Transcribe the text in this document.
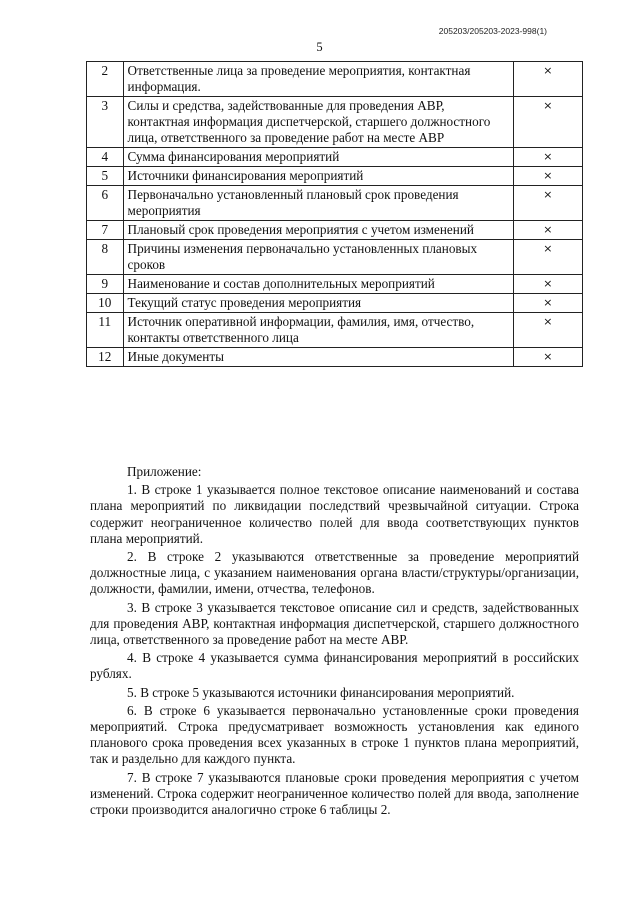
205203/205203-2023-998(1)
5
2	Ответственные лица за проведение мероприятия, контактная информация.	×
3	Силы и средства, задействованные для проведения АВР, контактная информация диспетчерской, старшего должностного лица, ответственного за проведение работ на месте АВР	×
4	Сумма финансирования мероприятий	×
5	Источники финансирования мероприятий	×
6	Первоначально установленный плановый срок проведения мероприятия	×
7	Плановый срок проведения мероприятия с учетом изменений	×
8	Причины изменения первоначально установленных плановых сроков	×
9	Наименование и состав дополнительных мероприятий	×
10	Текущий статус проведения мероприятия	×
11	Источник оперативной информации, фамилия, имя, отчество, контакты ответственного лица	×
12	Иные документы	×
Приложение:

1. В строке 1 указывается полное текстовое описание наименований и состава плана мероприятий по ликвидации последствий чрезвычайной ситуации. Строка содержит неограниченное количество полей для ввода соответствующих пунктов плана мероприятий.

2. В строке 2 указываются ответственные за проведение мероприятий должностные лица, с указанием наименования органа власти/структуры/организации, должности, фамилии, имени, отчества, телефонов.

3. В строке 3 указывается текстовое описание сил и средств, задействованных для проведения АВР, контактная информация диспетчерской, старшего должностного лица, ответственного за проведение работ на месте АВР.

4. В строке 4 указывается сумма финансирования мероприятий в российских рублях.

5. В строке 5 указываются источники финансирования мероприятий.

6. В строке 6 указывается первоначально установленные сроки проведения мероприятий. Строка предусматривает возможность установления как единого планового срока проведения всех указанных в строке 1 пунктов плана мероприятий, так и раздельно для каждого пункта.

7. В строке 7 указываются плановые сроки проведения мероприятия с учетом изменений. Строка содержит неограниченное количество полей для ввода, заполнение строки производится аналогично строке 6 таблицы 2.
